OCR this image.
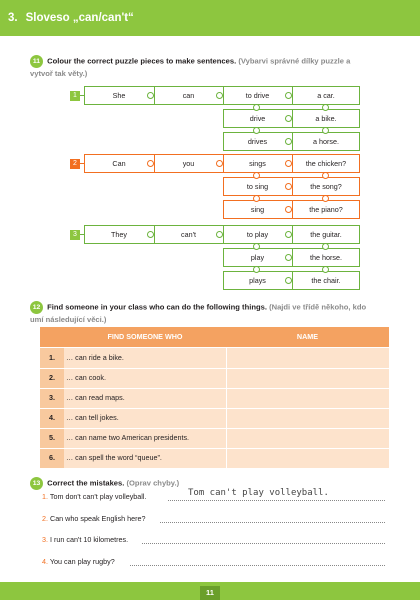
3. Sloveso „can/can't“
11 Colour the correct puzzle pieces to make sentences. (Vybarvi správné dílky puzzle a vytvoř tak věty.)
1	She	can	to drive	a car.
drive	a bike.
drives	a horse.
2	Can	you	sings	the chicken?
to sing	the song?
sing	the piano?
3	They	can't	to play	the guitar.
play	the horse.
plays	the chair.
12 Find someone in your class who can do the following things. (Najdi ve třídě někoho, kdo umí následující věci.)
FIND SOMEONE WHO	NAME
1.	… can ride a bike.
2.	… can cook.
3.	… can read maps.
4.	… can tell jokes.
5.	… can name two American presidents.
6.	… can spell the word “queue”.
13 Correct the mistakes. (Oprav chyby.)
1. Tom don't can't play volleyball.	Tom can't play volleyball.
2. Can who speak English here?
3. I run can't 10 kilometres.
4. You can play rugby?
11
